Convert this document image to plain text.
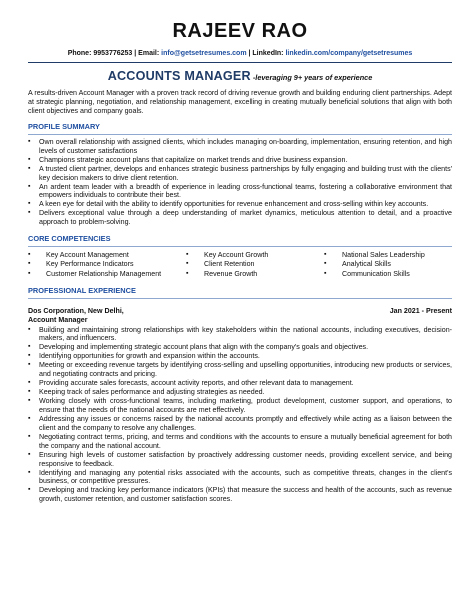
RAJEEV RAO
Phone: 9953776253 | Email: info@getsetresumes.com | LinkedIn: linkedin.com/company/getsetresumes
ACCOUNTS MANAGER -leveraging 9+ years of experience

A results-driven Account Manager with a proven track record of driving revenue growth and building enduring client partnerships. Adept at strategic planning, negotiation, and relationship management, excelling in creating mutually beneficial solutions that align with both client objectives and company goals.

PROFILE SUMMARY
▪ Own overall relationship with assigned clients, which includes managing on-boarding, implementation, ensuring retention, and high levels of customer satisfactions
▪ Champions strategic account plans that capitalize on market trends and drive business expansion.
▪ A trusted client partner, develops and enhances strategic business partnerships by fully engaging and building trust with the clients' key decision makers to drive client retention.
▪ An ardent team leader with a breadth of experience in leading cross-functional teams, fostering a collaborative environment that empowers individuals to contribute their best.
▪ A keen eye for detail with the ability to identify opportunities for revenue enhancement and cross-selling within key accounts.
▪ Delivers exceptional value through a deep understanding of market dynamics, meticulous attention to detail, and a proactive approach to problem-solving.
CORE COMPETENCIES
▪ Key Account Management	▪ Key Account Growth	▪ National Sales Leadership
▪ Key Performance Indicators	▪ Client Retention	▪ Analytical Skills
▪ Customer Relationship Management	▪ Revenue Growth	▪ Communication Skills
PROFESSIONAL EXPERIENCE
Dos Corporation, New Delhi,	Jan 2021 - Present
Account Manager
▪ Building and maintaining strong relationships with key stakeholders within the national accounts, including executives, decision-makers, and influencers.
▪ Developing and implementing strategic account plans that align with the company's goals and objectives.
▪ Identifying opportunities for growth and expansion within the accounts.
▪ Meeting or exceeding revenue targets by identifying cross-selling and upselling opportunities, introducing new products or services, and negotiating contracts and pricing.
▪ Providing accurate sales forecasts, account activity reports, and other relevant data to management.
▪ Keeping track of sales performance and adjusting strategies as needed.
▪ Working closely with cross-functional teams, including marketing, product development, customer support, and operations, to ensure that the needs of the national accounts are met effectively.
▪ Addressing any issues or concerns raised by the national accounts promptly and effectively while acting as a liaison between the client and the company to resolve any challenges.
▪ Negotiating contract terms, pricing, and terms and conditions with the accounts to ensure a mutually beneficial agreement for both the company and the national account.
▪ Ensuring high levels of customer satisfaction by proactively addressing customer needs, providing excellent service, and being responsive to feedback.
▪ Identifying and managing any potential risks associated with the accounts, such as competitive threats, changes in the client's business, or competitive pressures.
▪ Developing and tracking key performance indicators (KPIs) that measure the success and health of the accounts, such as revenue growth, customer retention, and customer satisfaction scores.
